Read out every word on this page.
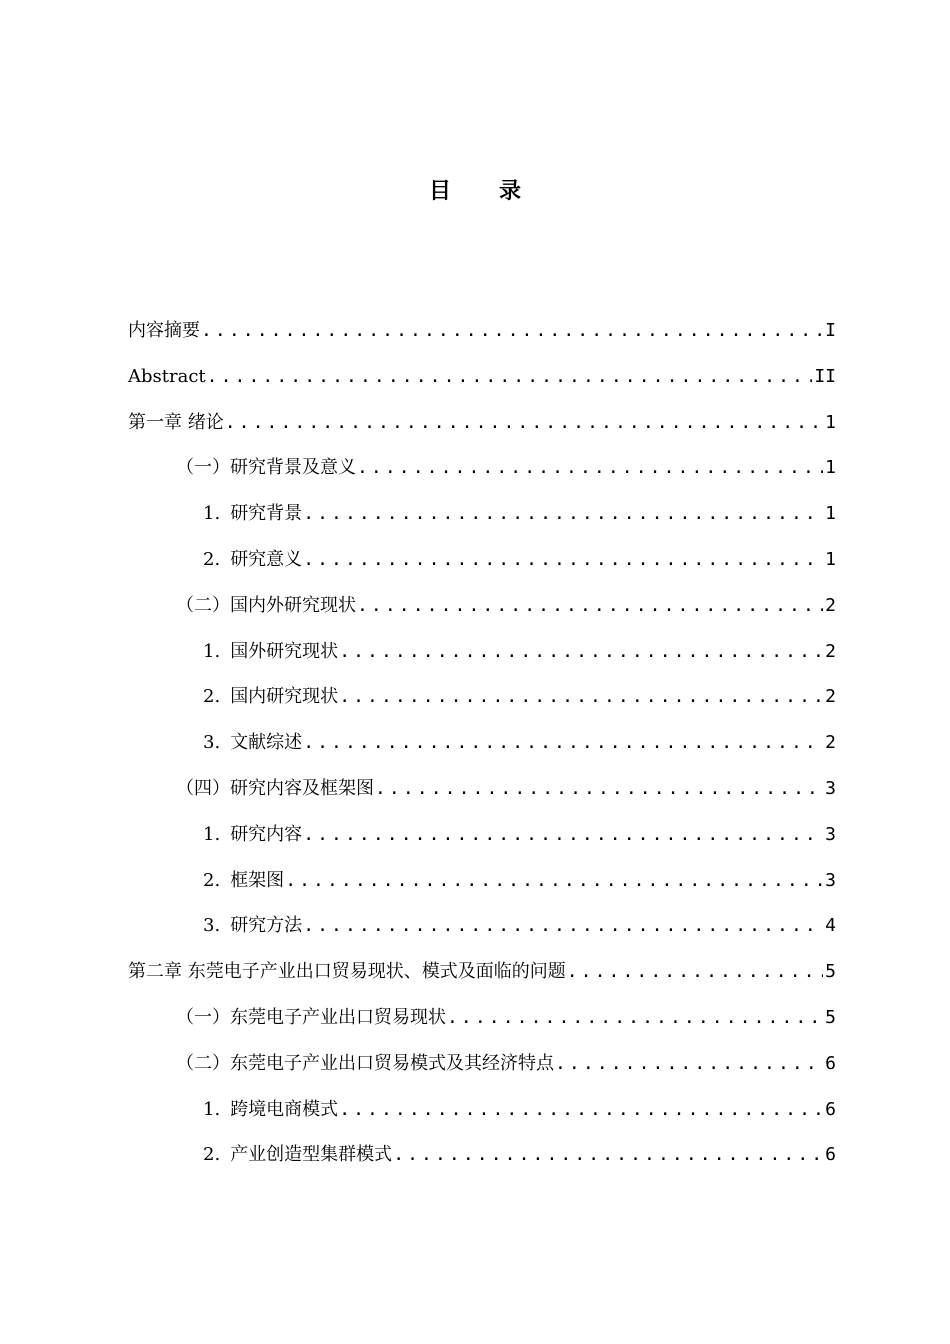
目 录
内容摘要 .....	I
Abstract .....	II
第一章 绪论 .....	1
（一）研究背景及意义 .....	1
1. 研究背景 .....	1
2. 研究意义 .....	1
（二）国内外研究现状 .....	2
1. 国外研究现状 .....	2
2. 国内研究现状 .....	2
3. 文献综述 .....	2
（四）研究内容及框架图 .....	3
1. 研究内容 .....	3
2. 框架图 .....	3
3. 研究方法 .....	4
第二章 东莞电子产业出口贸易现状、模式及面临的问题 .....	5
（一）东莞电子产业出口贸易现状 .....	5
（二）东莞电子产业出口贸易模式及其经济特点 .....	6
1. 跨境电商模式 .....	6
2. 产业创造型集群模式 .....	6
